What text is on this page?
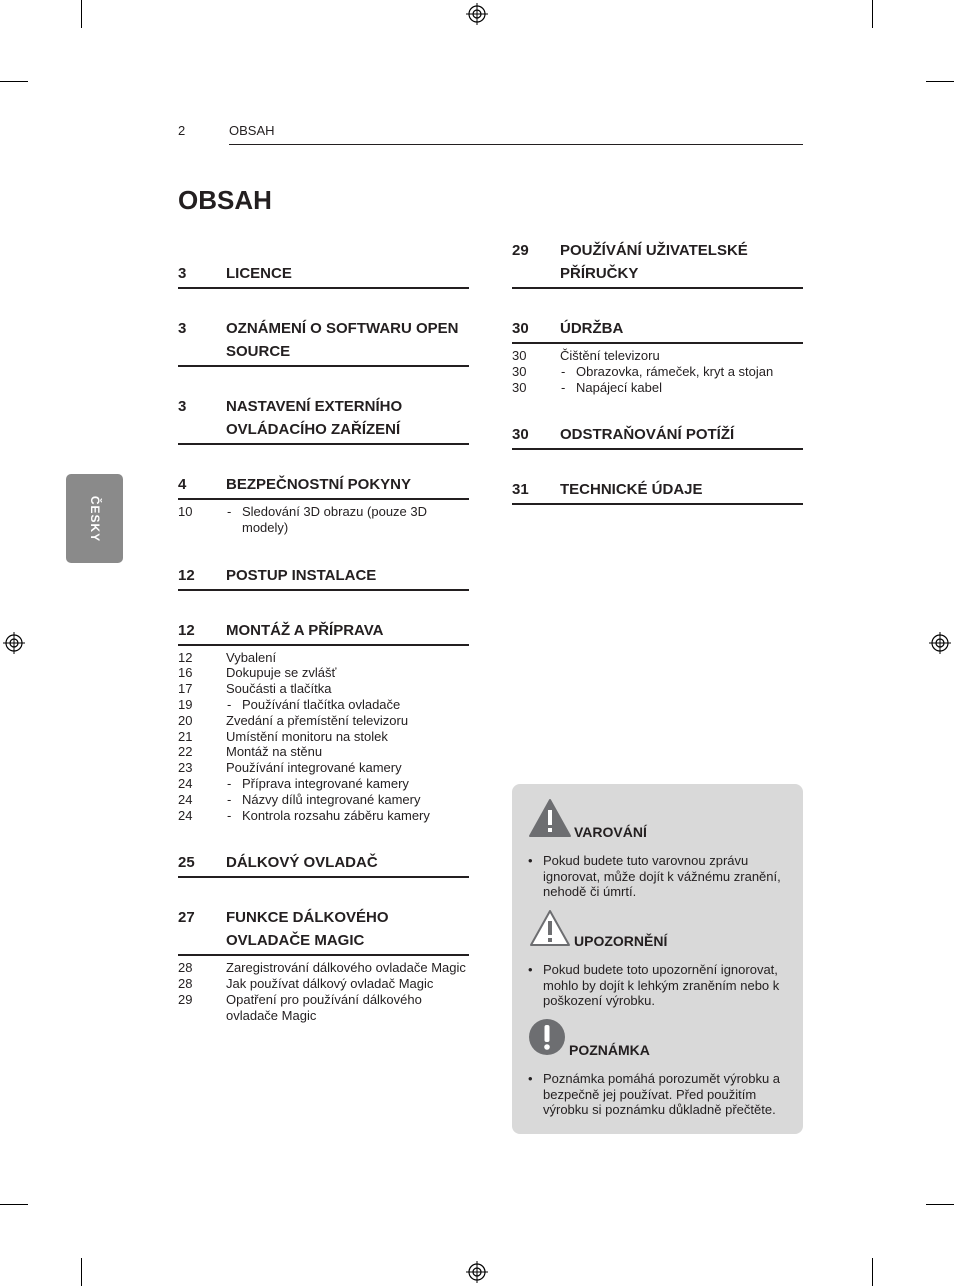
2	OBSAH
OBSAH
ČESKY
3	LICENCE
3	OZNÁMENÍ O SOFTWARU OPEN SOURCE
3	NASTAVENÍ EXTERNÍHO OVLÁDACÍHO ZAŘÍZENÍ
4	BEZPEČNOSTNÍ POKYNY
10	- Sledování 3D obrazu (pouze 3D modely)
12 POSTUP INSTALACE
12 MONTÁŽ A PŘÍPRAVA
12	Vybalení
16	Dokupuje se zvlášť
17	Součásti a tlačítka
19	- Používání tlačítka ovladače
20	Zvedání a přemístění televizoru
21	Umístění monitoru na stolek
22	Montáž na stěnu
23	Používání integrované kamery
24	- Příprava integrované kamery
24	- Názvy dílů integrované kamery
24	- Kontrola rozsahu záběru kamery
25 DÁLKOVÝ OVLADAČ
27 FUNKCE DÁLKOVÉHO OVLADAČE MAGIC
28	Zaregistrování dálkového ovladače Magic
28	Jak používat dálkový ovladač Magic
29	Opatření pro používání dálkového ovladače Magic
29 POUŽÍVÁNÍ UŽIVATELSKÉ PŘÍRUČKY
30 ÚDRŽBA
30	Čištění televizoru
30	- Obrazovka, rámeček, kryt a stojan
30	- Napájecí kabel
30 ODSTRAŇOVÁNÍ POTÍŽÍ
31 TECHNICKÉ ÚDAJE
VAROVÁNÍ
• Pokud budete tuto varovnou zprávu ignorovat, může dojít k vážnému zranění, nehodě či úmrtí.
UPOZORNĚNÍ
• Pokud budete toto upozornění ignorovat, mohlo by dojít k lehkým zraněním nebo k poškození výrobku.
POZNÁMKA
• Poznámka pomáhá porozumět výrobku a bezpečně jej používat. Před použitím výrobku si poznámku důkladně přečtěte.
